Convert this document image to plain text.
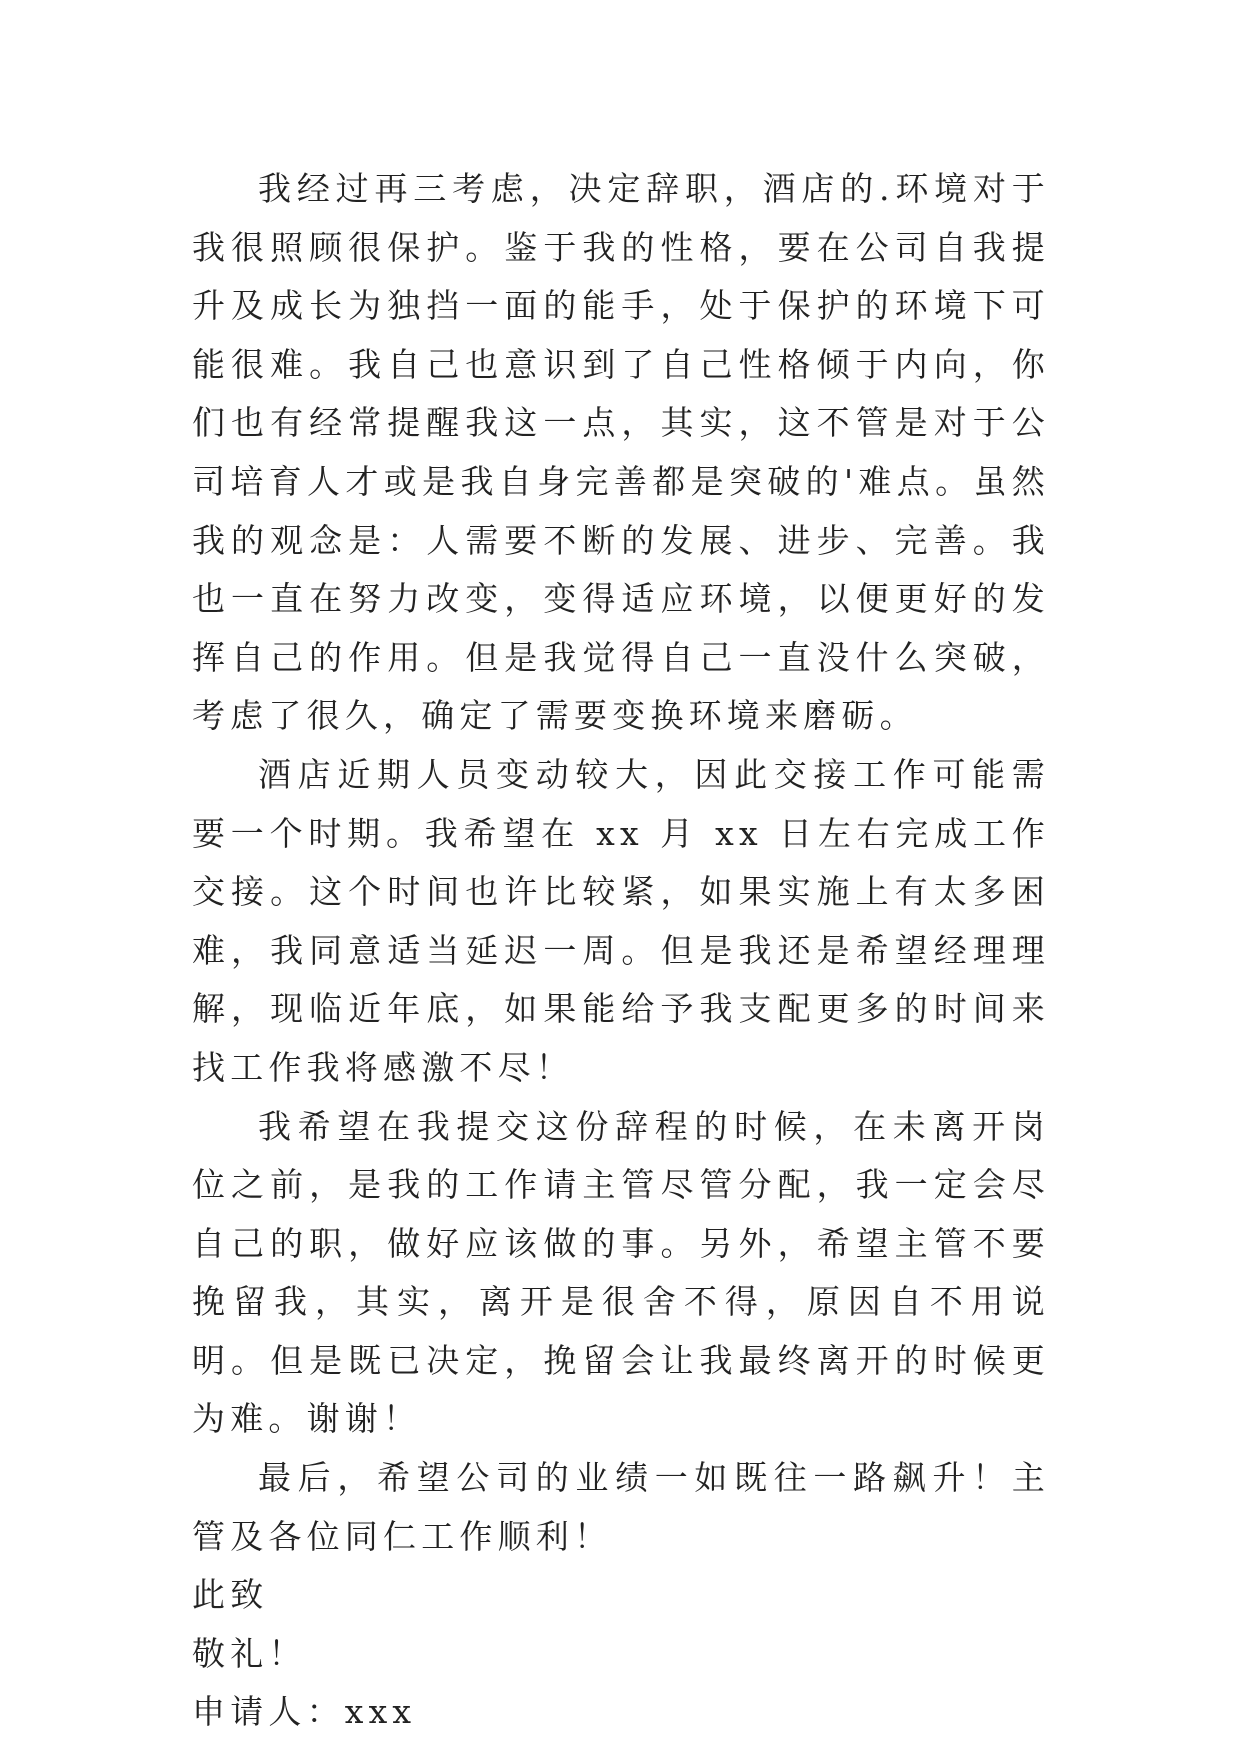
我经过再三考虑，决定辞职，酒店的.环境对于我很照顾很保护。鉴于我的性格，要在公司自我提升及成长为独挡一面的能手，处于保护的环境下可能很难。我自己也意识到了自己性格倾于内向，你们也有经常提醒我这一点，其实，这不管是对于公司培育人才或是我自身完善都是突破的'难点。虽然我的观念是：人需要不断的发展、进步、完善。我也一直在努力改变，变得适应环境，以便更好的发挥自己的作用。但是我觉得自己一直没什么突破，考虑了很久，确定了需要变换环境来磨砺。

酒店近期人员变动较大，因此交接工作可能需要一个时期。我希望在 xx 月 xx 日左右完成工作交接。这个时间也许比较紧，如果实施上有太多困难，我同意适当延迟一周。但是我还是希望经理理解，现临近年底，如果能给予我支配更多的时间来找工作我将感激不尽！

我希望在我提交这份辞程的时候，在未离开岗位之前，是我的工作请主管尽管分配，我一定会尽自己的职，做好应该做的事。另外，希望主管不要挽留我，其实，离开是很舍不得，原因自不用说明。但是既已决定，挽留会让我最终离开的时候更为难。谢谢！

最后，希望公司的业绩一如既往一路飙升！主管及各位同仁工作顺利！

此致

敬礼！

申请人：xxx
